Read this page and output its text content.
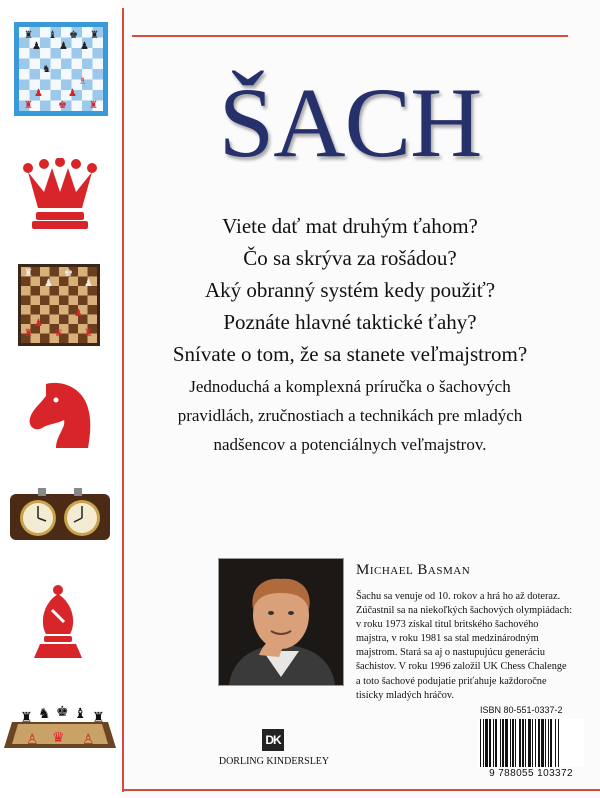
♜ ♝ ♚ ♜
♟ ♟ ♟
♞
♜	♚ ♜
♟	♟
♗
♜ ♛ ♜
♟
♟
♜	♚
♟	♟
♜ ♞ ♚ ♝ ♜
♙ ♛ ♙
ŠACH
Viete dať mat druhým ťahom?
Čo sa skrýva za rošádou?
Aký obranný systém kedy použiť?
Poznáte hlavné taktické ťahy?
Snívate o tom, že sa stanete veľmajstrom?
Jednoduchá a komplexná príručka o šachových
pravidlách, zručnostiach a technikách pre mladých
nadšencov a potenciálnych veľmajstrov.
Michael Basman
Šachu sa venuje od 10. rokov a hrá ho až doteraz.
Zúčastnil sa na niekoľkých šachových olympiádach:
v roku 1973 získal titul britského šachového
majstra, v roku 1981 sa stal medzinárodným
majstrom. Stará sa aj o nastupujúcu generáciu
šachistov. V roku 1996 založil UK Chess Chalenge
a toto šachové podujatie priťahuje každoročne
tisícky mladých hráčov.
DK
DORLING KINDERSLEY
ISBN 80-551-0337-2
9 788055 103372
